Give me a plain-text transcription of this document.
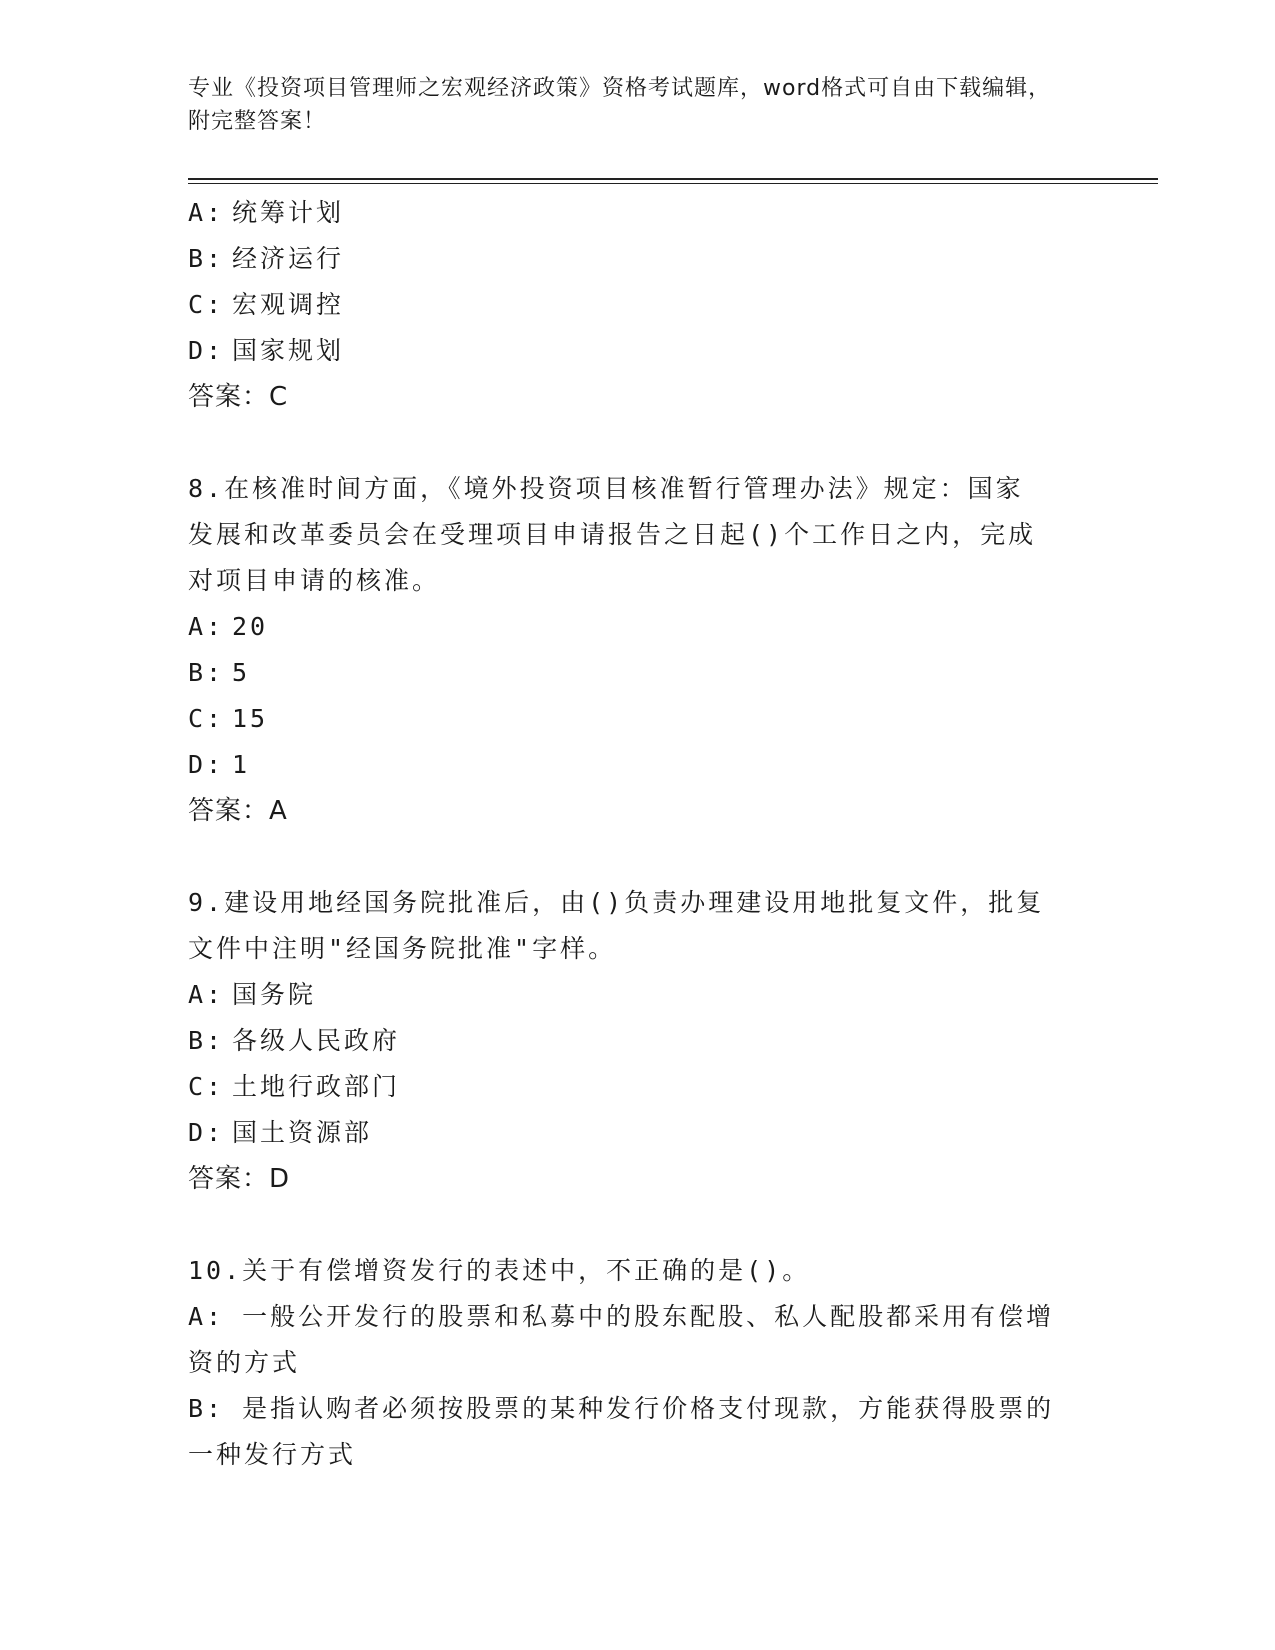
专业《投资项目管理师之宏观经济政策》资格考试题库，word格式可自由下载编辑，附完整答案！
A: 统筹计划
B: 经济运行
C: 宏观调控
D: 国家规划
答案：C
8.在核准时间方面，《境外投资项目核准暂行管理办法》规定：国家
发展和改革委员会在受理项目申请报告之日起()个工作日之内，完成
对项目申请的核准。
A: 20
B: 5
C: 15
D: 1
答案：A
9.建设用地经国务院批准后，由()负责办理建设用地批复文件，批复
文件中注明"经国务院批准"字样。
A: 国务院
B: 各级人民政府
C: 土地行政部门
D: 国土资源部
答案：D
10.关于有偿增资发行的表述中，不正确的是()。
A: 一般公开发行的股票和私募中的股东配股、私人配股都采用有偿增
资的方式
B: 是指认购者必须按股票的某种发行价格支付现款，方能获得股票的
一种发行方式
